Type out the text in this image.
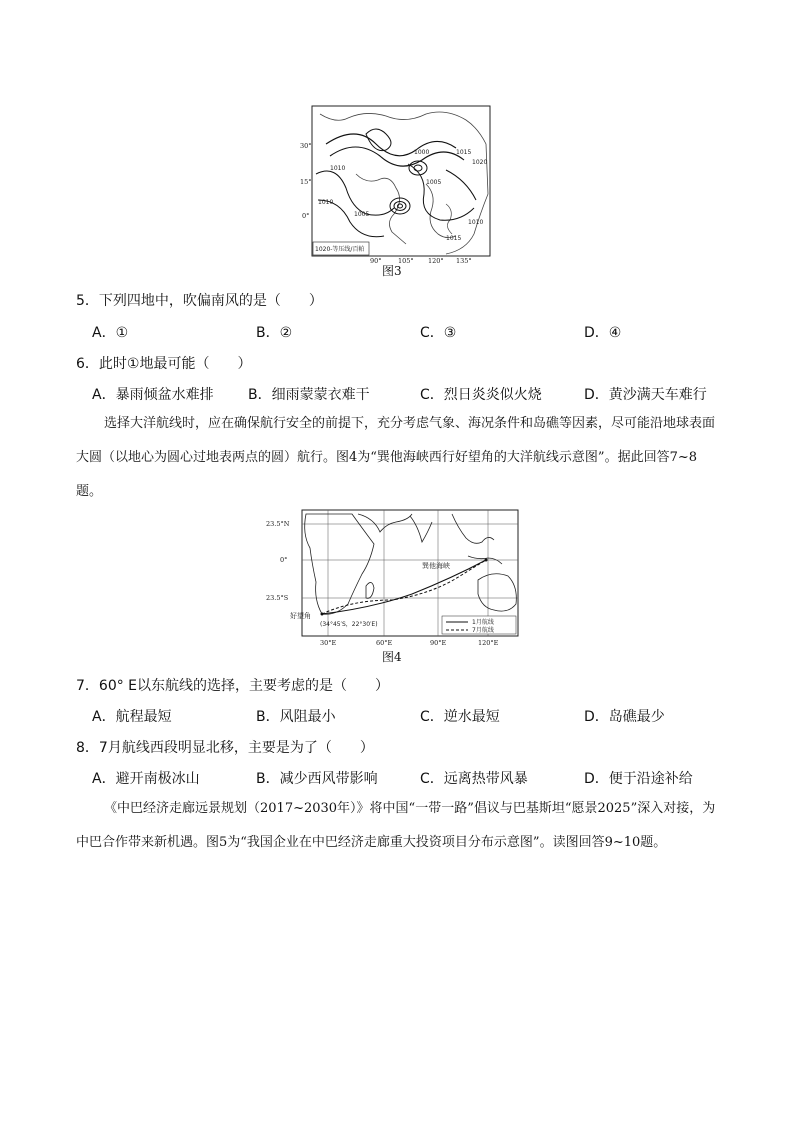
1000
1005
1010
1015
1020
1010
1005
1010
1015
30°
15°
0°
90°	105° 120° 135°
1020-等压线/百帕
图3
5．下列四地中，吹偏南风的是（　　）
A．①	B．②	C．③	D．④
6．此时①地最可能（　　）
A．暴雨倾盆水难排 B．细雨蒙蒙衣难干	C．烈日炎炎似火烧	D．黄沙满天车难行
选择大洋航线时，应在确保航行安全的前提下，充分考虑气象、海况条件和岛礁等因素，尽可能沿地球表面大圆（以地心为圆心过地表两点的圆）航行。图4为“巽他海峡西行好望角的大洋航线示意图”。据此回答7~8题。
23.5°N
0°
23.5°S
30°E	60°E	90°E	120°E
好望角
(34°45′S，22°30′E)
巽他海峡
1月航线
7月航线
图4
7．60° E以东航线的选择，主要考虑的是（　　）
A．航程最短	B．风阻最小	C．逆水最短	D．岛礁最少
8．7月航线西段明显北移，主要是为了（　　）
A．避开南极冰山	B．减少西风带影响	C．远离热带风暴	D．便于沿途补给
《中巴经济走廊远景规划（2017~2030年）》将中国“一带一路”倡议与巴基斯坦“愿景2025”深入对接，为中巴合作带来新机遇。图5为“我国企业在中巴经济走廊重大投资项目分布示意图”。读图回答9~10题。
